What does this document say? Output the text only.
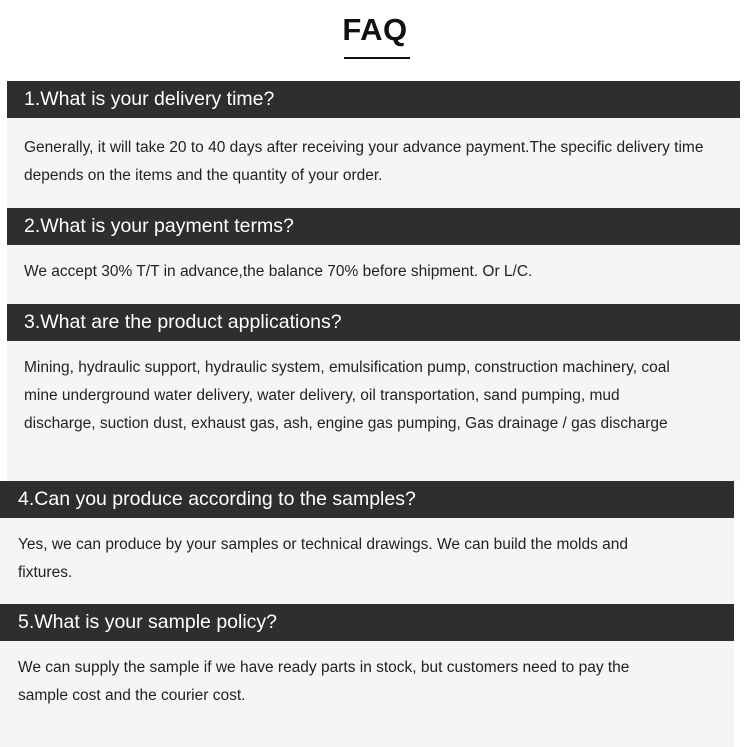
FAQ
1.What is your delivery time?
Generally, it will take 20 to 40 days after receiving your advance payment.The specific delivery time depends on the items and the quantity of your order.
2.What is your payment terms?
We accept 30% T/T in advance,the balance 70% before shipment. Or L/C.
3.What are the product applications?
Mining, hydraulic support, hydraulic system, emulsification pump, construction machinery, coal mine underground water delivery, water delivery, oil transportation, sand pumping, mud discharge, suction dust, exhaust gas, ash, engine gas pumping, Gas drainage / gas discharge
4.Can you produce according to the samples?
Yes, we can produce by your samples or technical drawings. We can build the molds and fixtures.
5.What is your sample policy?
We can supply the sample if we have ready parts in stock, but customers need to pay the sample cost and the courier cost.
